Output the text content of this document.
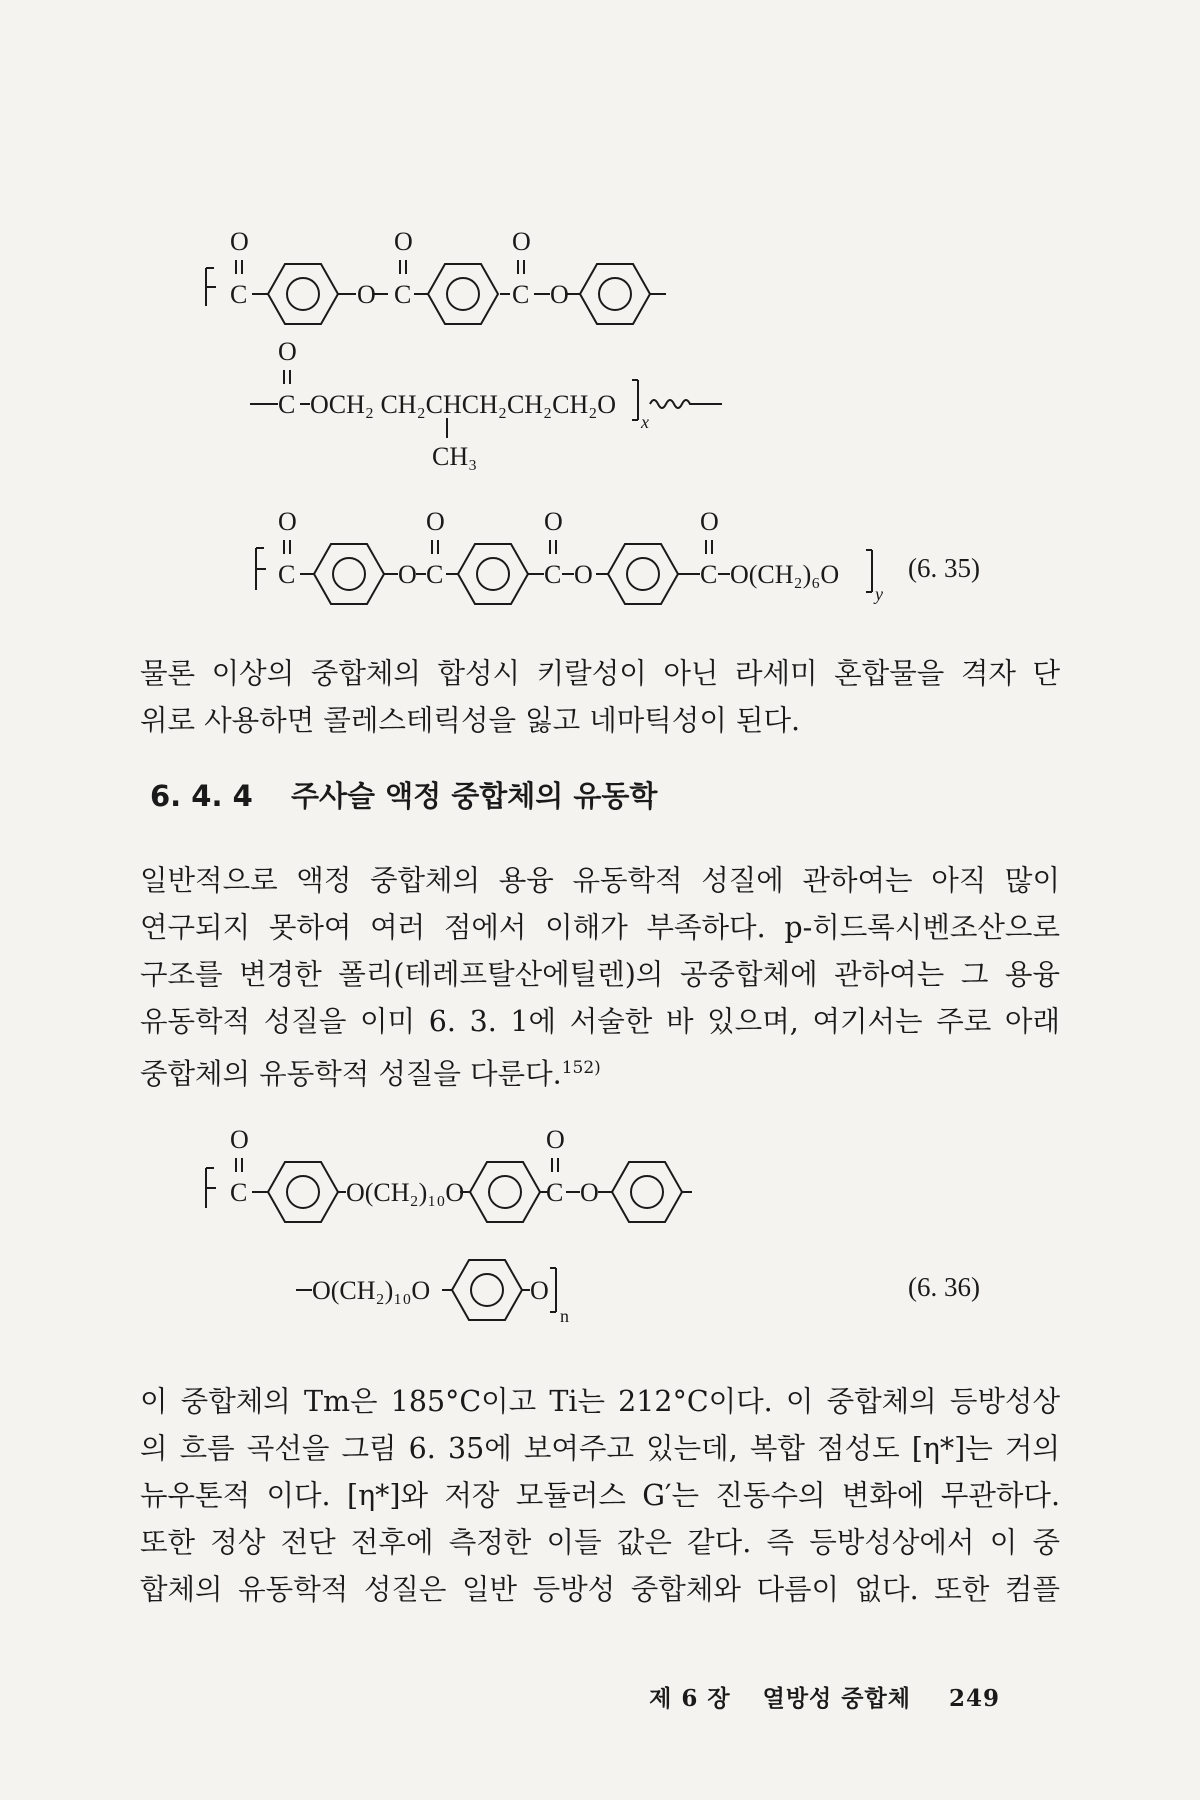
O	O	O
C	C	C
O	O
O
C OCH₂ CH₂CHCH₂CH₂CH₂O
CH₃
x
O	O	O	O
C	C	C	C
O	O	O(CH₂)₆O
y
(6. 35)
물론 이상의 중합체의 합성시 키랄성이 아닌 라세미 혼합물을 격자 단
위로 사용하면 콜레스테릭성을 잃고 네마틱성이 된다.
6. 4. 4 주사슬 액정 중합체의 유동학
일반적으로 액정 중합체의 용융 유동학적 성질에 관하여는 아직 많이
연구되지 못하여 여러 점에서 이해가 부족하다. p-히드록시벤조산으로
구조를 변경한 폴리(테레프탈산에틸렌)의 공중합체에 관하여는 그 용융
유동학적 성질을 이미 6. 3. 1에 서술한 바 있으며, 여기서는 주로 아래
중합체의 유동학적 성질을 다룬다.$^{152)}$
O	O
C	C
O(CH₂)₁₀O	O
O(CH₂)₁₀O	O
n
(6. 36)
이 중합체의 Tm은 185°C이고 Ti는 212°C이다. 이 중합체의 등방성상
의 흐름 곡선을 그림 6. 35에 보여주고 있는데, 복합 점성도 [η*]는 거의
뉴우톤적 이다. [η*]와 저장 모듈러스 G′는 진동수의 변화에 무관하다.
또한 정상 전단 전후에 측정한 이들 값은 같다. 즉 등방성상에서 이 중
합체의 유동학적 성질은 일반 등방성 중합체와 다름이 없다. 또한 컴플
제 6 장 열방성 중합체 249
